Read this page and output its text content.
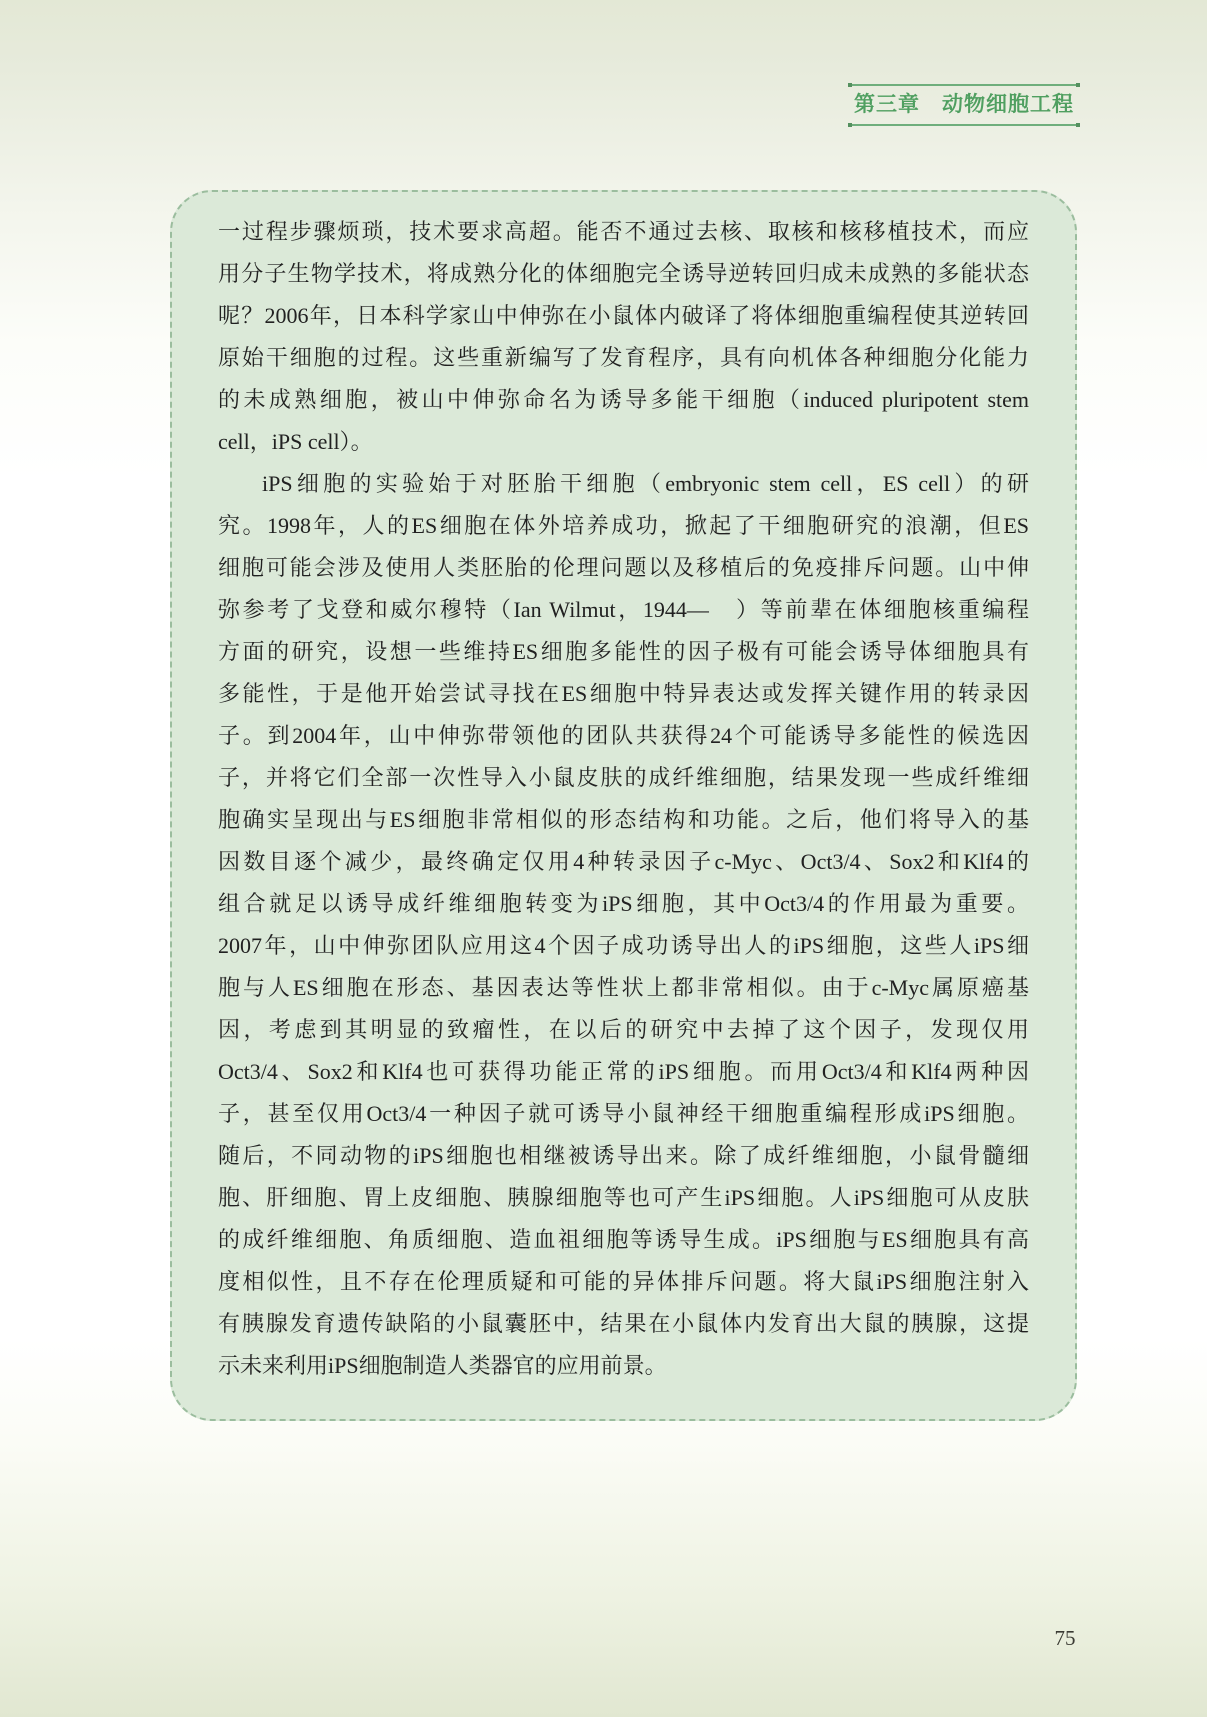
第三章　动物细胞工程
一过程步骤烦琐，技术要求高超。能否不通过去核、取核和核移植技术，而应
用分子生物学技术，将成熟分化的体细胞完全诱导逆转回归成未成熟的多能状态
呢？2006年，日本科学家山中伸弥在小鼠体内破译了将体细胞重编程使其逆转回
原始干细胞的过程。这些重新编写了发育程序，具有向机体各种细胞分化能力
的未成熟细胞，被山中伸弥命名为诱导多能干细胞（induced pluripotent stem
cell，iPS cell）。
iPS细胞的实验始于对胚胎干细胞（embryonic stem cell，ES cell）的研
究。1998年，人的ES细胞在体外培养成功，掀起了干细胞研究的浪潮，但ES
细胞可能会涉及使用人类胚胎的伦理问题以及移植后的免疫排斥问题。山中伸
弥参考了戈登和威尔穆特（Ian Wilmut，1944—　）等前辈在体细胞核重编程
方面的研究，设想一些维持ES细胞多能性的因子极有可能会诱导体细胞具有
多能性，于是他开始尝试寻找在ES细胞中特异表达或发挥关键作用的转录因
子。到2004年，山中伸弥带领他的团队共获得24个可能诱导多能性的候选因
子，并将它们全部一次性导入小鼠皮肤的成纤维细胞，结果发现一些成纤维细
胞确实呈现出与ES细胞非常相似的形态结构和功能。之后，他们将导入的基
因数目逐个减少，最终确定仅用4种转录因子c-Myc、Oct3/4、Sox2和Klf4的
组合就足以诱导成纤维细胞转变为iPS细胞，其中Oct3/4的作用最为重要。
2007年，山中伸弥团队应用这4个因子成功诱导出人的iPS细胞，这些人iPS细
胞与人ES细胞在形态、基因表达等性状上都非常相似。由于c-Myc属原癌基
因，考虑到其明显的致瘤性，在以后的研究中去掉了这个因子，发现仅用
Oct3/4、Sox2和Klf4也可获得功能正常的iPS细胞。而用Oct3/4和Klf4两种因
子，甚至仅用Oct3/4一种因子就可诱导小鼠神经干细胞重编程形成iPS细胞。
随后，不同动物的iPS细胞也相继被诱导出来。除了成纤维细胞，小鼠骨髓细
胞、肝细胞、胃上皮细胞、胰腺细胞等也可产生iPS细胞。人iPS细胞可从皮肤
的成纤维细胞、角质细胞、造血祖细胞等诱导生成。iPS细胞与ES细胞具有高
度相似性，且不存在伦理质疑和可能的异体排斥问题。将大鼠iPS细胞注射入
有胰腺发育遗传缺陷的小鼠囊胚中，结果在小鼠体内发育出大鼠的胰腺，这提
示未来利用iPS细胞制造人类器官的应用前景。
75
